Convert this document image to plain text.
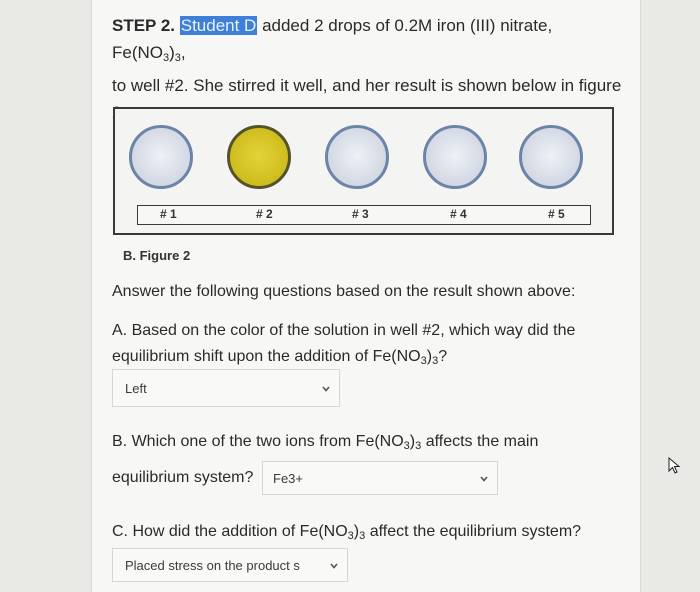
STEP 2. Student D added 2 drops of 0.2M iron (III) nitrate, $Fe(NO_3)_3$,
to well #2. She stirred it well, and her result is shown below in figure

# 1	# 2	# 3	# 4	# 5
B. Figure 2
Answer the following questions based on the result shown above:
A. Based on the color of the solution in well #2, which way did the
equilibrium shift upon the addition of $Fe(NO_3)_3$?
Left
B. Which one of the two ions from $Fe(NO_3)_3$ affects the main
equilibrium system? Fe3+
C. How did the addition of $Fe(NO_3)_3$ affect the equilibrium system?
Placed stress on the product s
